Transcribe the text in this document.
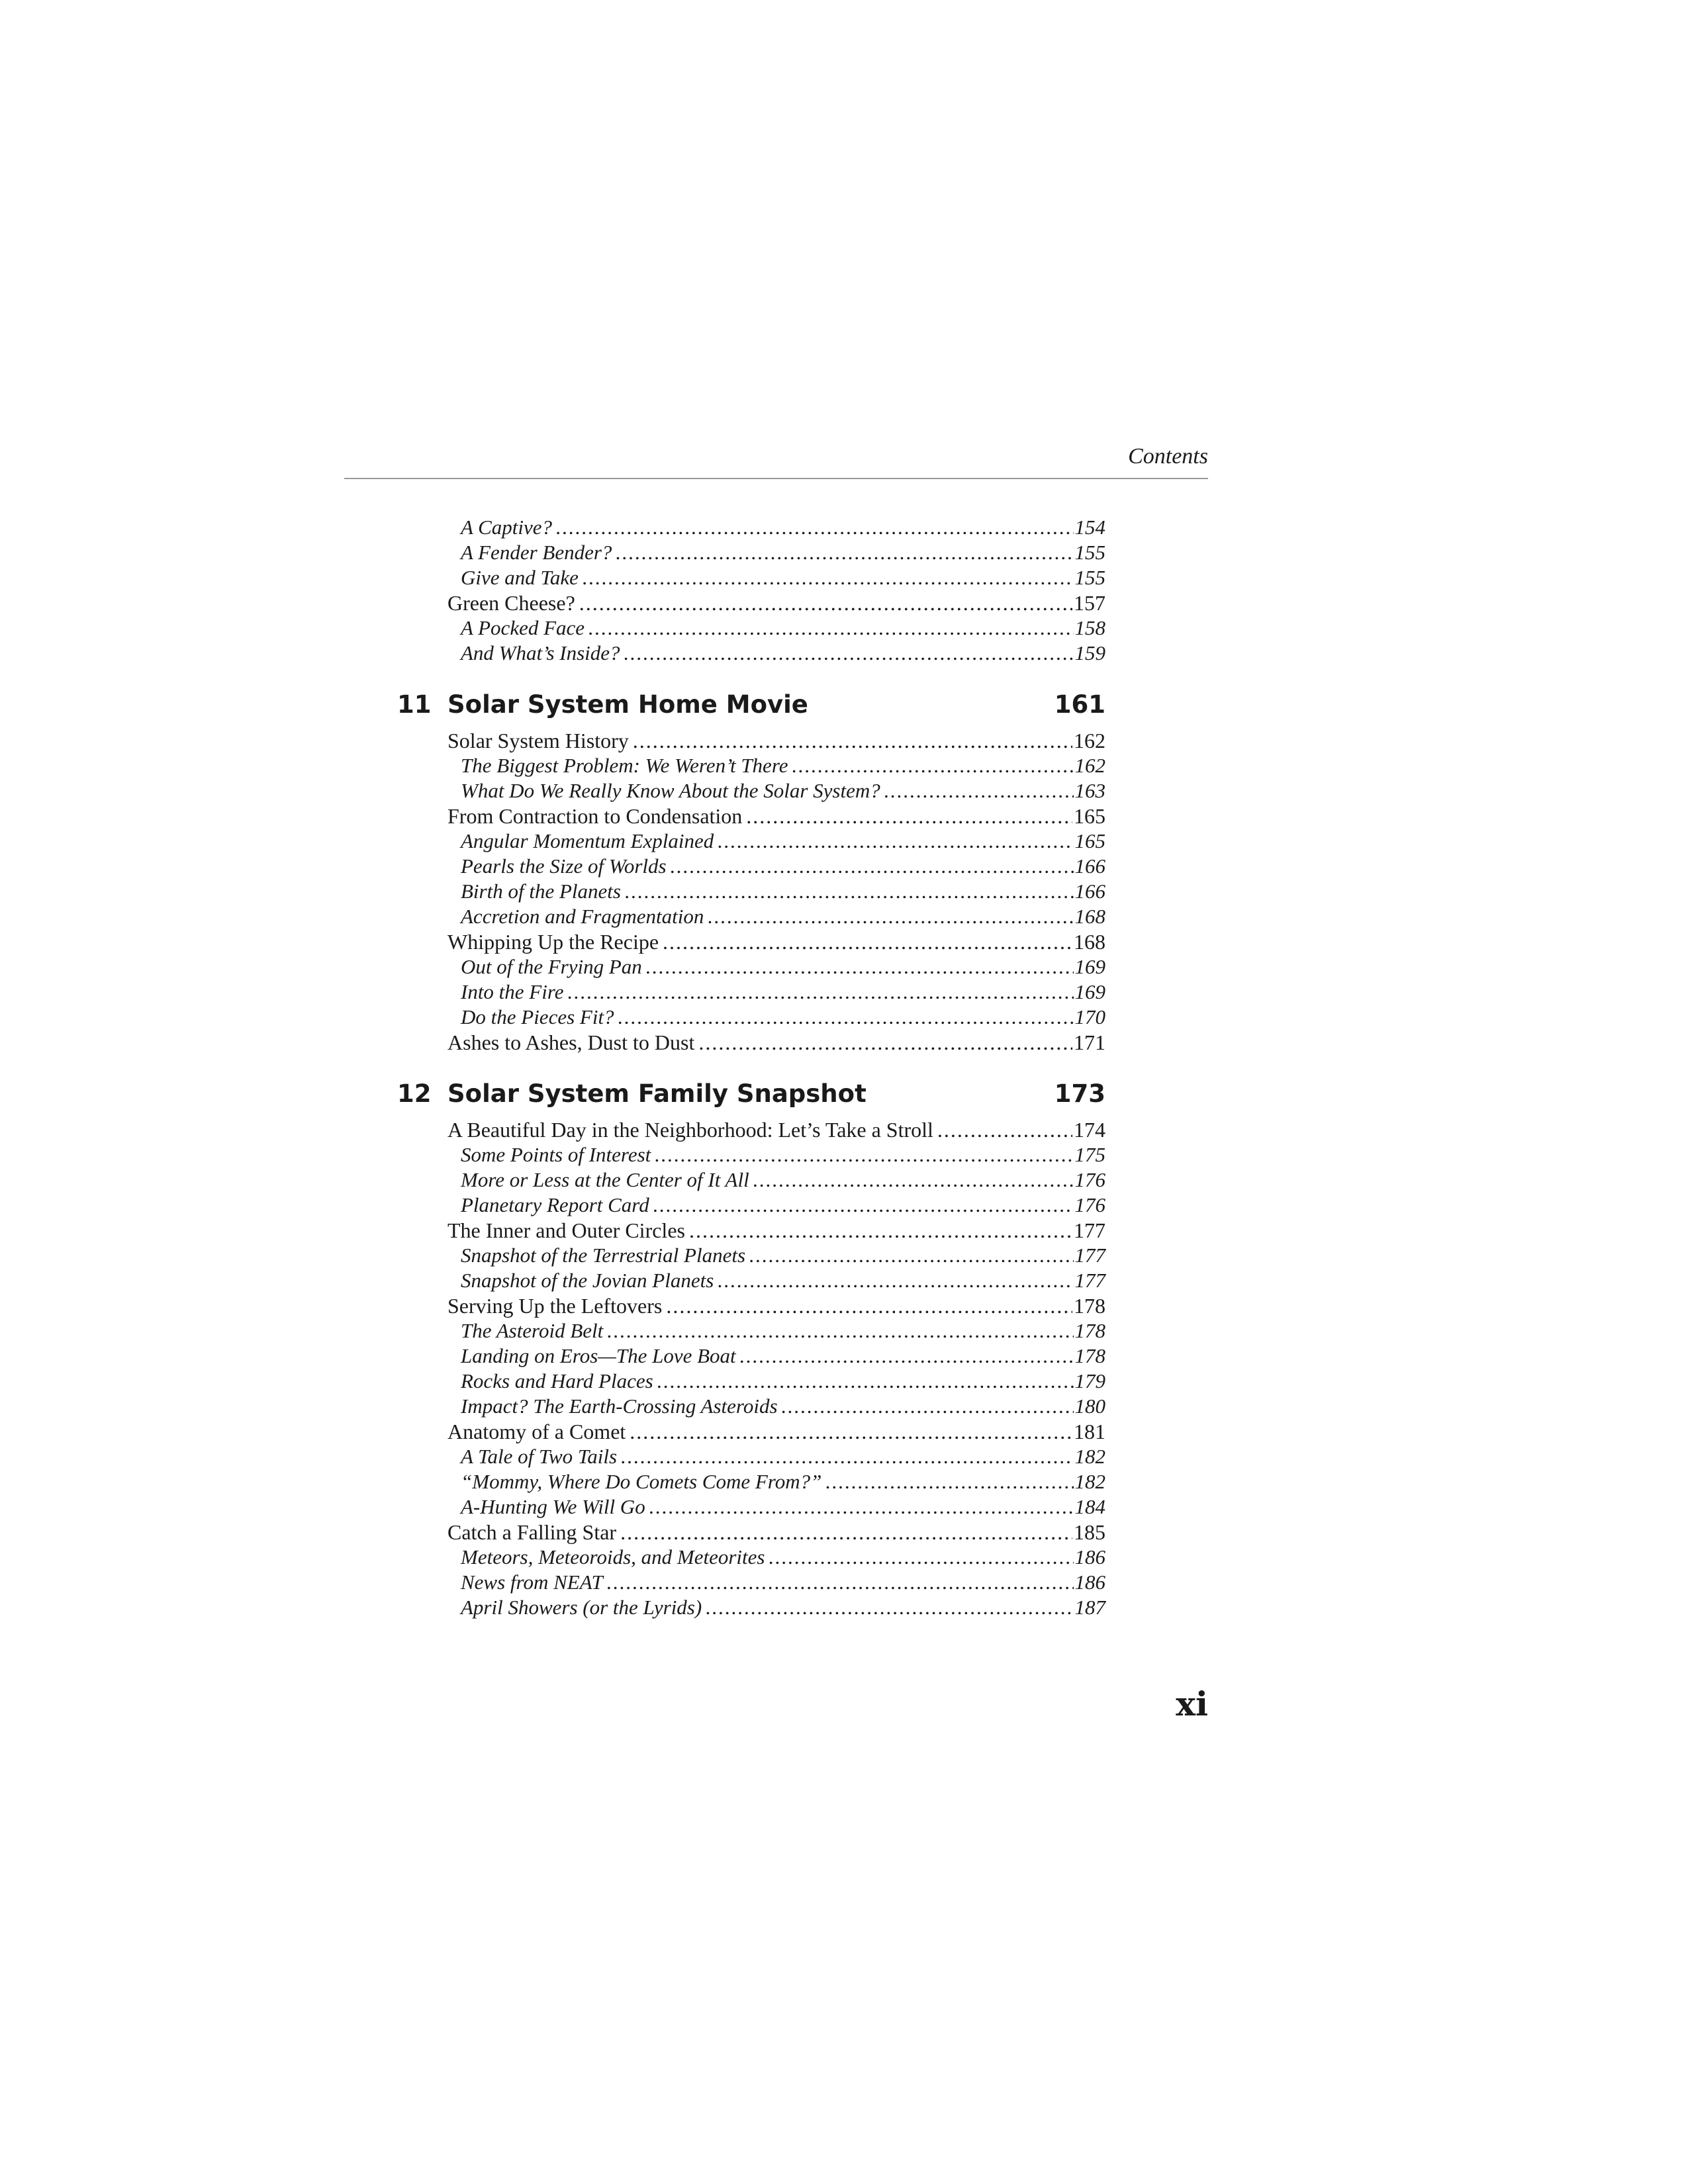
Contents
A Captive? .....	154
A Fender Bender? .....	155
Give and Take .....	155
Green Cheese? .....	157
A Pocked Face .....	158
And What’s Inside? .....	159
11 Solar System Home Movie	161
Solar System History .....	162
The Biggest Problem: We Weren’t There .....	162
What Do We Really Know About the Solar System? .....	163
From Contraction to Condensation .....	165
Angular Momentum Explained .....	165
Pearls the Size of Worlds .....	166
Birth of the Planets .....	166
Accretion and Fragmentation .....	168
Whipping Up the Recipe .....	168
Out of the Frying Pan .....	169
Into the Fire .....	169
Do the Pieces Fit? .....	170
Ashes to Ashes, Dust to Dust .....	171
12 Solar System Family Snapshot	173
A Beautiful Day in the Neighborhood: Let’s Take a Stroll .....	174
Some Points of Interest .....	175
More or Less at the Center of It All .....	176
Planetary Report Card .....	176
The Inner and Outer Circles .....	177
Snapshot of the Terrestrial Planets .....	177
Snapshot of the Jovian Planets .....	177
Serving Up the Leftovers .....	178
The Asteroid Belt .....	178
Landing on Eros—The Love Boat .....	178
Rocks and Hard Places .....	179
Impact? The Earth-Crossing Asteroids .....	180
Anatomy of a Comet .....	181
A Tale of Two Tails .....	182
“Mommy, Where Do Comets Come From?” .....	182
A-Hunting We Will Go .....	184
Catch a Falling Star .....	185
Meteors, Meteoroids, and Meteorites .....	186
News from NEAT .....	186
April Showers (or the Lyrids) .....	187
xi
